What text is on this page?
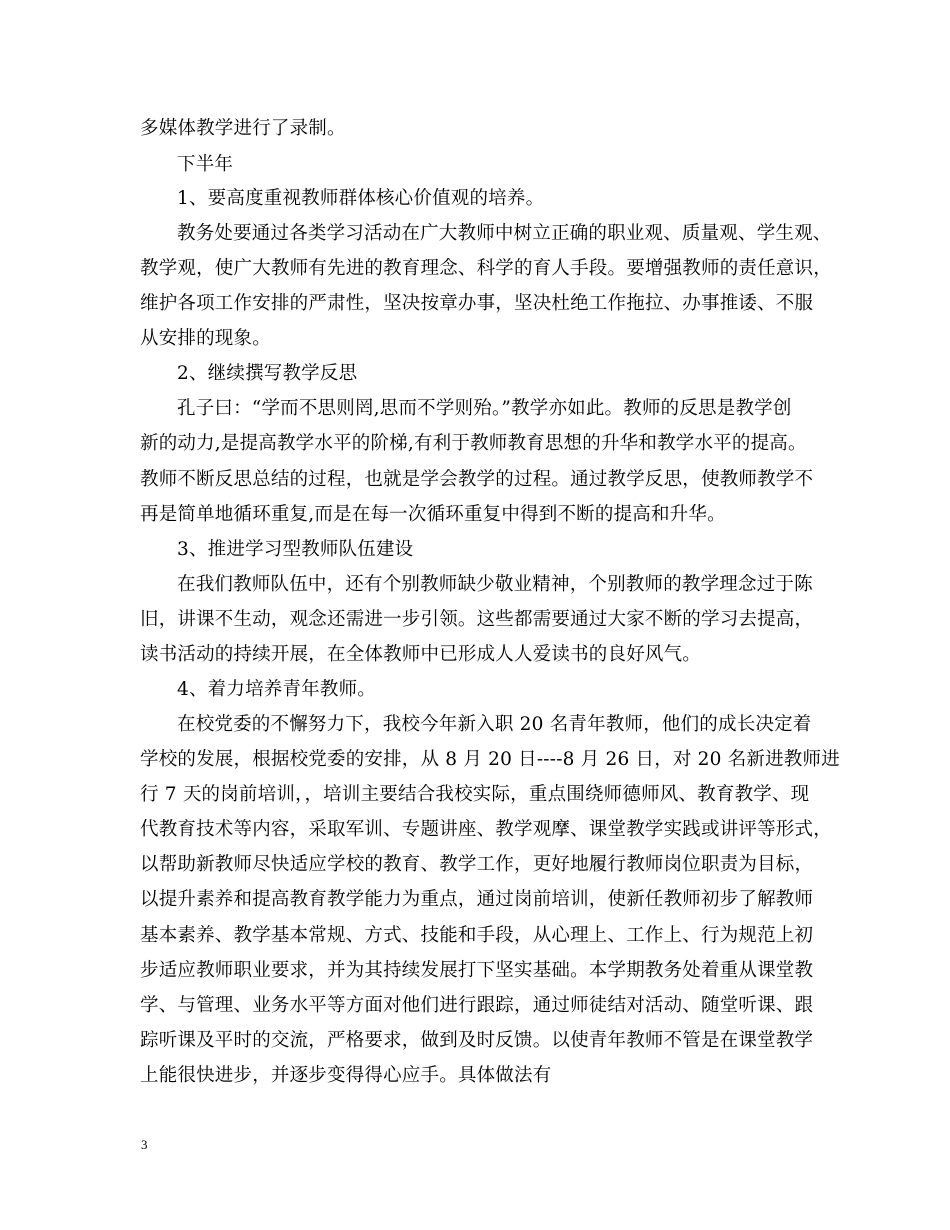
多媒体教学进行了录制。
下半年
1、要高度重视教师群体核心价值观的培养。
教务处要通过各类学习活动在广大教师中树立正确的职业观、质量观、学生观、
教学观，使广大教师有先进的教育理念、科学的育人手段。要增强教师的责任意识，
维护各项工作安排的严肃性，坚决按章办事，坚决杜绝工作拖拉、办事推诿、不服
从安排的现象。
2、继续撰写教学反思
孔子曰：“学而不思则罔,思而不学则殆。”教学亦如此。教师的反思是教学创
新的动力,是提高教学水平的阶梯,有利于教师教育思想的升华和教学水平的提高。
教师不断反思总结的过程，也就是学会教学的过程。通过教学反思，使教师教学不
再是简单地循环重复,而是在每一次循环重复中得到不断的提高和升华。
3、推进学习型教师队伍建设
在我们教师队伍中，还有个别教师缺少敬业精神，个别教师的教学理念过于陈
旧，讲课不生动，观念还需进一步引领。这些都需要通过大家不断的学习去提高，
读书活动的持续开展，在全体教师中已形成人人爱读书的良好风气。
4、着力培养青年教师。
在校党委的不懈努力下，我校今年新入职 20 名青年教师，他们的成长决定着
学校的发展，根据校党委的安排，从 8 月 20 日----8 月 26 日，对 20 名新进教师进
行 7 天的岗前培训，，培训主要结合我校实际，重点围绕师德师风、教育教学、现
代教育技术等内容，采取军训、专题讲座、教学观摩、课堂教学实践或讲评等形式，
以帮助新教师尽快适应学校的教育、教学工作，更好地履行教师岗位职责为目标，
以提升素养和提高教育教学能力为重点，通过岗前培训，使新任教师初步了解教师
基本素养、教学基本常规、方式、技能和手段，从心理上、工作上、行为规范上初
步适应教师职业要求，并为其持续发展打下坚实基础。本学期教务处着重从课堂教
学、与管理、业务水平等方面对他们进行跟踪，通过师徒结对活动、随堂听课、跟
踪听课及平时的交流，严格要求，做到及时反馈。以使青年教师不管是在课堂教学
上能很快进步，并逐步变得得心应手。具体做法有
3
